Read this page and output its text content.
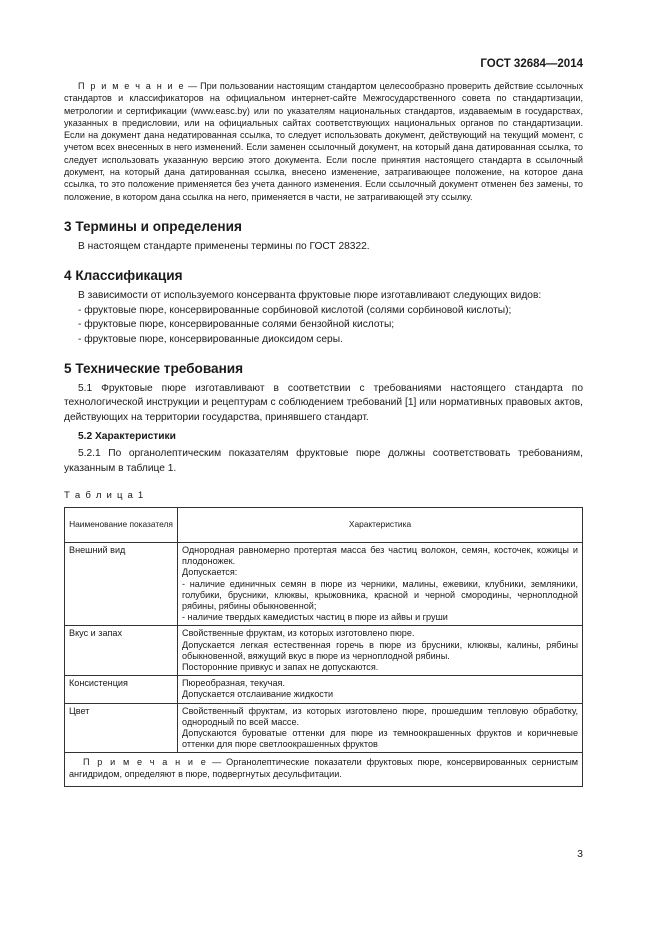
ГОСТ 32684—2014

П р и м е ч а н и е — При пользовании настоящим стандартом целесообразно проверить действие ссылочных стандартов и классификаторов на официальном интернет-сайте Межгосударственного совета по стандартизации, метрологии и сертификации (www.easc.by) или по указателям национальных стандартов, издаваемым в государствах, указанных в предисловии, или на официальных сайтах соответствующих национальных органов по стандартизации. Если на документ дана недатированная ссылка, то следует использовать документ, действующий на текущий момент, с учетом всех внесенных в него изменений. Если заменен ссылочный документ, на который дана датированная ссылка, то следует использовать указанную версию этого документа. Если после принятия настоящего стандарта в ссылочный документ, на который дана датированная ссылка, внесено изменение, затрагивающее положение, на которое дана ссылка, то это положение применяется без учета данного изменения. Если ссылочный документ отменен без замены, то положение, в котором дана ссылка на него, применяется в части, не затрагивающей эту ссылку.

3 Термины и определения

В настоящем стандарте применены термины по ГОСТ 28322.

4 Классификация

В зависимости от используемого консерванта фруктовые пюре изготавливают следующих видов:

- фруктовые пюре, консервированные сорбиновой кислотой (солями сорбиновой кислоты);

- фруктовые пюре, консервированные солями бензойной кислоты;

- фруктовые пюре, консервированные диоксидом серы.

5 Технические требования

5.1 Фруктовые пюре изготавливают в соответствии с требованиями настоящего стандарта по технологической инструкции и рецептурам с соблюдением требований [1] или нормативных правовых актов, действующих на территории государства, принявшего стандарт.

5.2 Характеристики

5.2.1 По органолептическим показателям фруктовые пюре должны соответствовать требованиям, указанным в таблице 1.

Т а б л и ц а 1
Наименование показателя	Характеристика
Внешний вид	Однородная равномерно протертая масса без частиц волокон, семян, косточек, кожицы и плодоножек.
Допускается:
- наличие единичных семян в пюре из черники, малины, ежевики, клубники, земляники, голубики, брусники, клюквы, крыжовника, красной и черной смородины, черноплодной рябины, рябины обыкновенной;
- наличие твердых камедистых частиц в пюре из айвы и груши

Вкус и запах	Свойственные фруктам, из которых изготовлено пюре.
Допускается легкая естественная горечь в пюре из брусники, клюквы, калины, рябины обыкновенной, вяжущий вкус в пюре из черноплодной рябины.
Посторонние привкус и запах не допускаются.

Консистенция	Пюреобразная, текучая.
Допускается отслаивание жидкости

Цвет	Свойственный фруктам, из которых изготовлено пюре, прошедшим тепловую обработку, однородный по всей массе.
Допускаются буроватые оттенки для пюре из темноокрашенных фруктов и коричневые оттенки для пюре светлоокрашенных фруктов

П р и м е ч а н и е — Органолептические показатели фруктовых пюре, консервированных сернистым ангидридом, определяют в пюре, подвергнутых десульфитации.	
3
